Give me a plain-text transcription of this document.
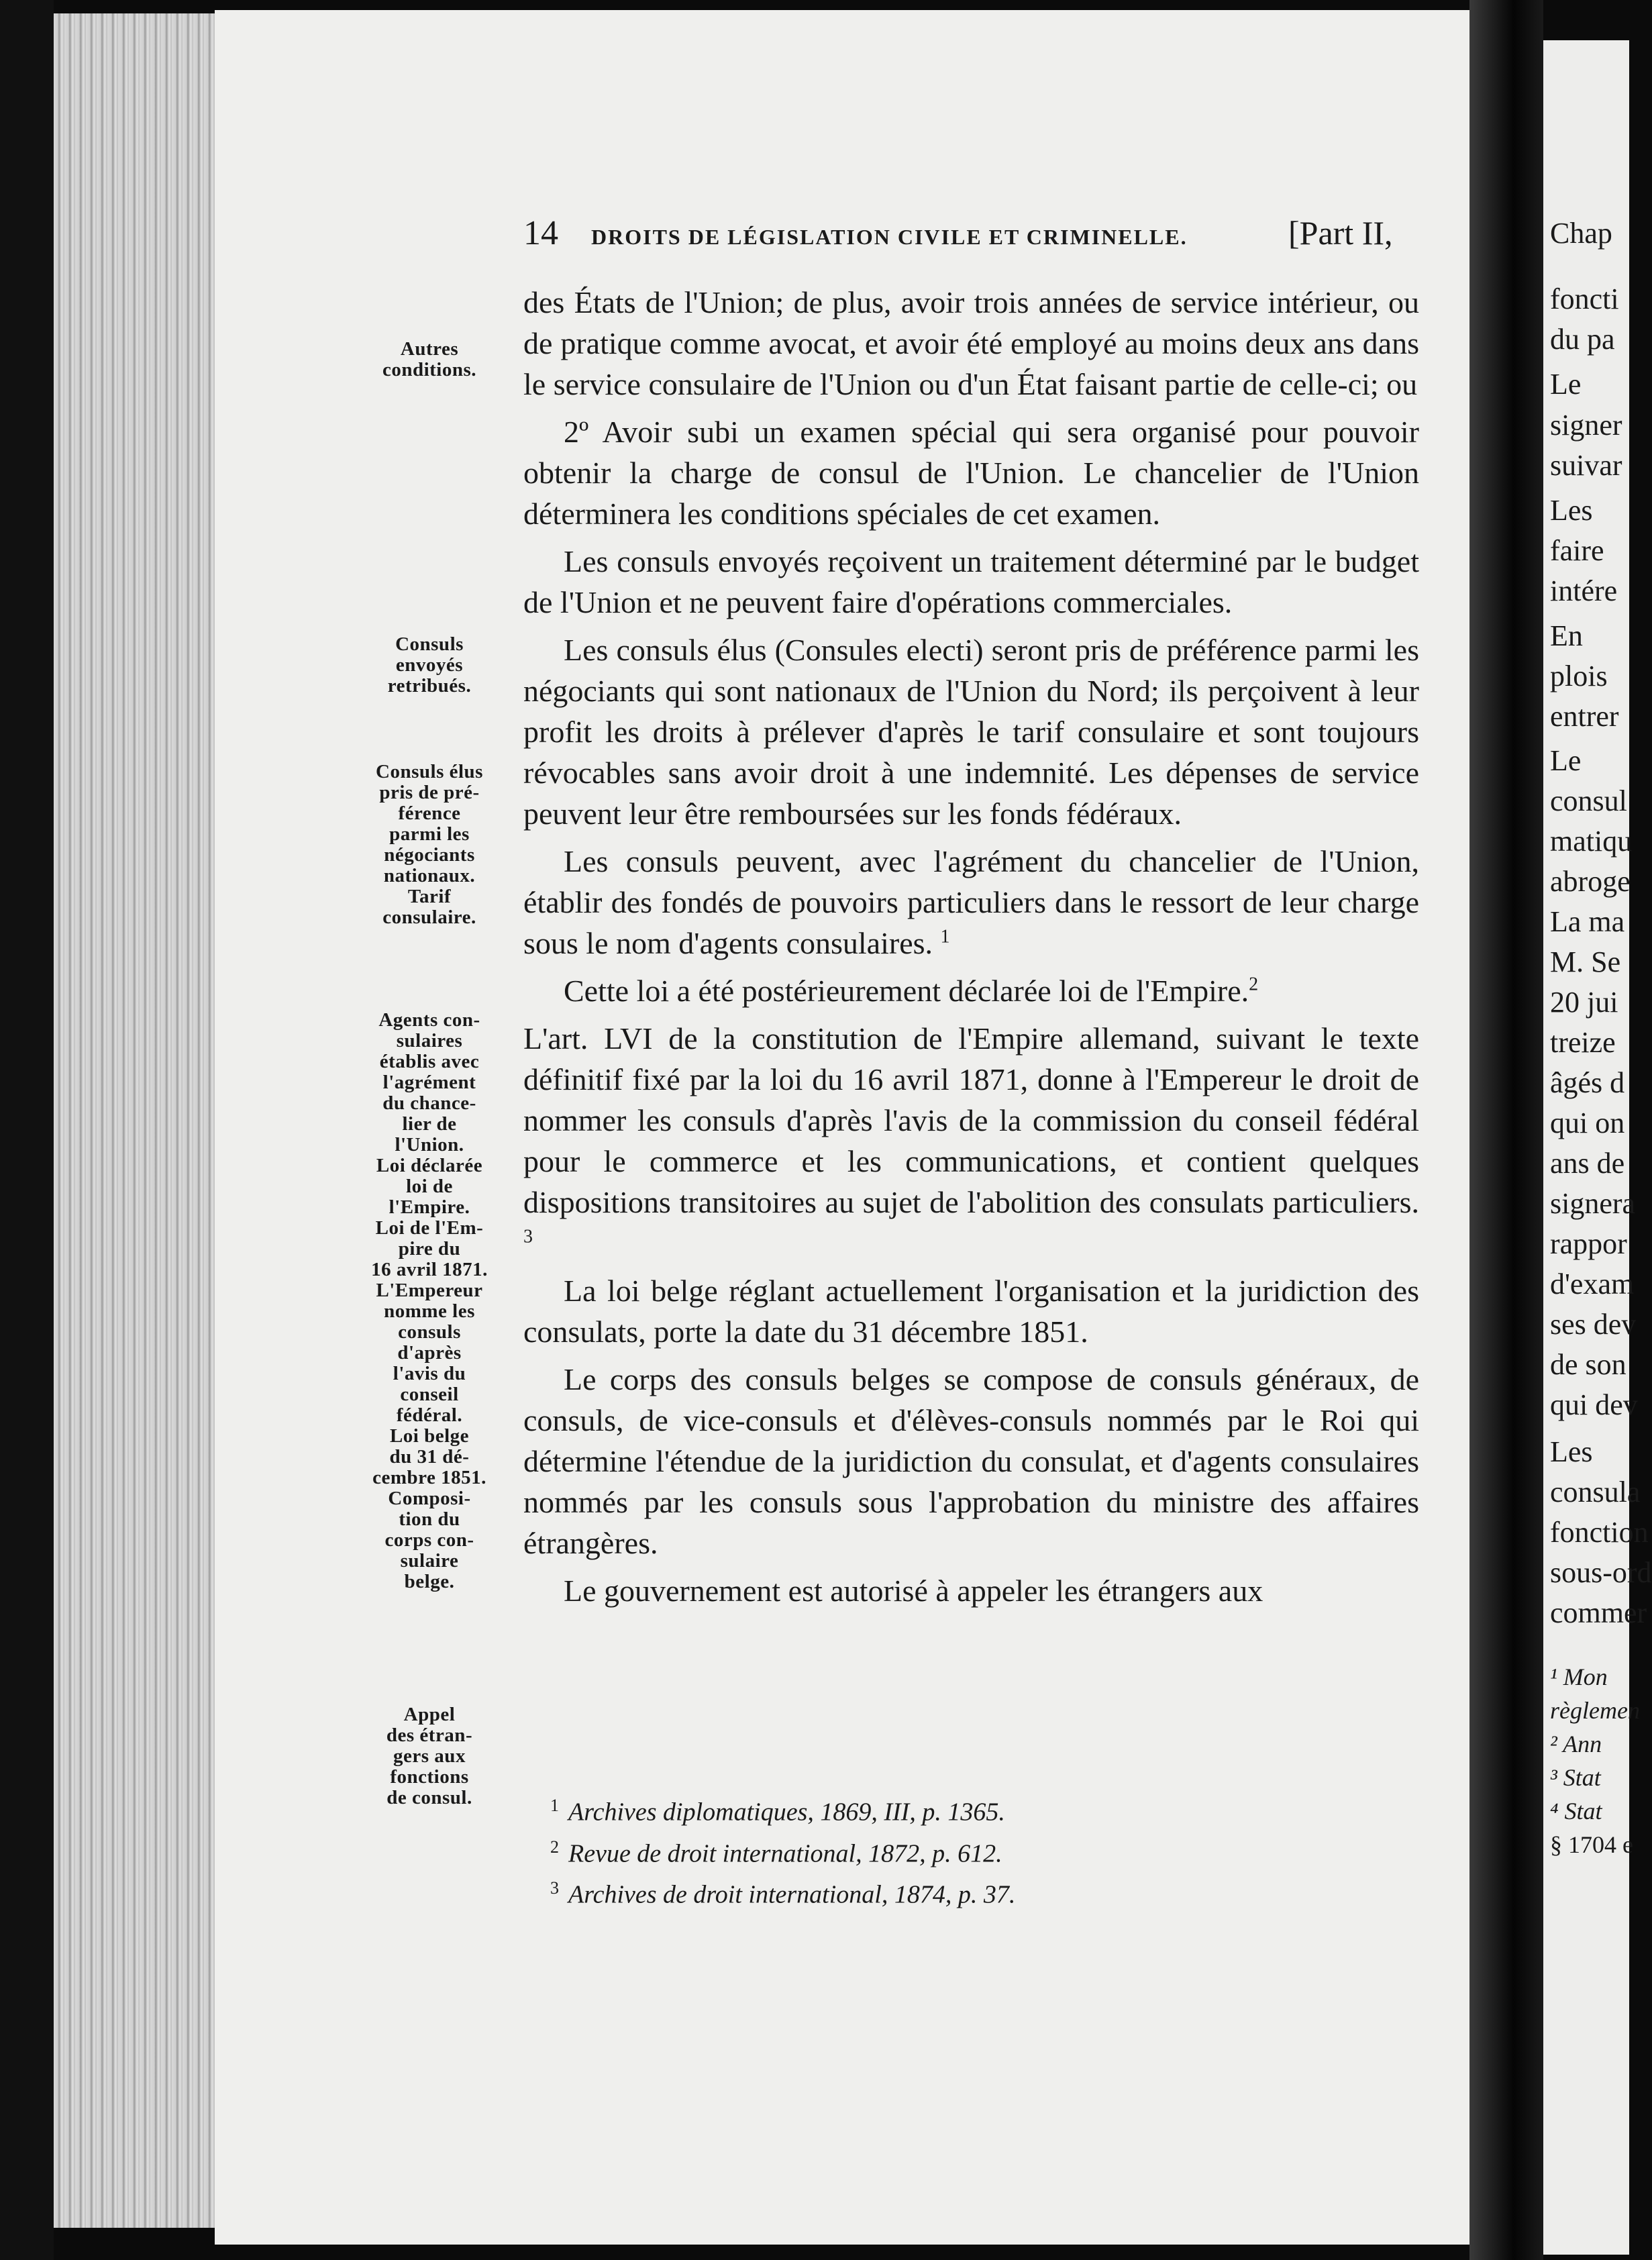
14 DROITS DE LÉGISLATION CIVILE ET CRIMINELLE.	[Part II,

des États de l'Union; de plus, avoir trois années de service intérieur, ou de pratique comme avocat, et avoir été employé au moins deux ans dans le service consulaire de l'Union ou d'un État faisant partie de celle-ci; ou

2º Avoir subi un examen spécial qui sera organisé pour pouvoir obtenir la charge de consul de l'Union. Le chancelier de l'Union déterminera les conditions spéciales de cet examen.

Les consuls envoyés reçoivent un traitement déterminé par le budget de l'Union et ne peuvent faire d'opérations commerciales.

Les consuls élus (Consules electi) seront pris de préférence parmi les négociants qui sont nationaux de l'Union du Nord; ils perçoivent à leur profit les droits à prélever d'après le tarif consulaire et sont toujours révocables sans avoir droit à une indemnité. Les dépenses de service peuvent leur être remboursées sur les fonds fédéraux.

Les consuls peuvent, avec l'agrément du chancelier de l'Union, établir des fondés de pouvoirs particuliers dans le ressort de leur charge sous le nom d'agents consulaires. $^1$

Cette loi a été postérieurement déclarée loi de l'Empire.$^2$

L'art. LVI de la constitution de l'Empire allemand, suivant le texte définitif fixé par la loi du 16 avril 1871, donne à l'Empereur le droit de nommer les consuls d'après l'avis de la commission du conseil fédéral pour le commerce et les communications, et contient quelques dispositions transitoires au sujet de l'abolition des consulats particuliers. $^3$

La loi belge réglant actuellement l'organisation et la juridiction des consulats, porte la date du 31 décembre 1851.

Le corps des consuls belges se compose de consuls généraux, de consuls, de vice-consuls et d'élèves-consuls nommés par le Roi qui détermine l'étendue de la juridiction du consulat, et d'agents consulaires nommés par les consuls sous l'approbation du ministre des affaires étrangères.

Le gouvernement est autorisé à appeler les étrangers aux

Autres
conditions.
Consuls
envoyés
retribués.
Consuls élus
pris de pré-
férence
parmi les
négociants
nationaux.
Tarif
consulaire.
Agents con-
sulaires
établis avec
l'agrément
du chance-
lier de
l'Union.
Loi déclarée
loi de
l'Empire.
Loi de l'Em-
pire du
16 avril 1871.
L'Empereur
nomme les
consuls
d'après
l'avis du
conseil
fédéral.
Loi belge
du 31 dé-
cembre 1851.
Composi-
tion du
corps con-
sulaire
belge.
Appel
des étran-
gers aux
fonctions
de consul.	$^1$ Archives diplomatiques, 1869, III, p. 1365.
$^2$ Revue de droit international, 1872, p. 612.
$^3$ Archives de droit international, 1874, p. 37.
Chap
foncti
du pa
Le
signer
suivar
Les
faire
intére
En
plois
entrer
Le
consul
matiqu
abroge
La ma
M. Se
20 jui
treize
âgés d
qui on
ans de
signera
rappor
d'exam
ses dev
de son
qui dev
Les
consula
fonction
sous-ord
commer
¹ Mon
règlemen
² Ann
³ Stat
⁴ Stat
§ 1704 e
